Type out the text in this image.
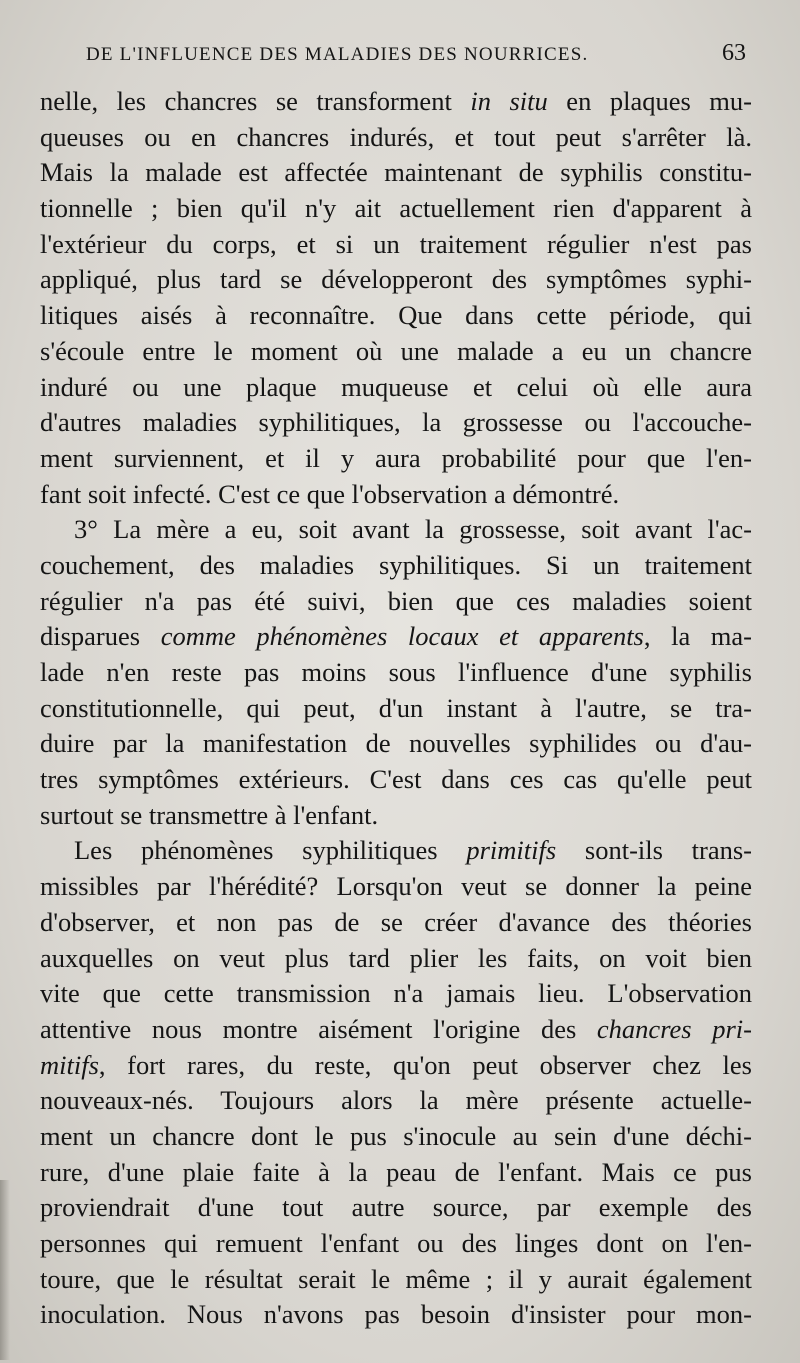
DE L'INFLUENCE DES MALADIES DES NOURRICES.	63
nelle, les chancres se transforment in situ en plaques mu-
queuses ou en chancres indurés, et tout peut s'arrêter là.
Mais la malade est affectée maintenant de syphilis constitu-
tionnelle ; bien qu'il n'y ait actuellement rien d'apparent à
l'extérieur du corps, et si un traitement régulier n'est pas
appliqué, plus tard se développeront des symptômes syphi-
litiques aisés à reconnaître. Que dans cette période, qui
s'écoule entre le moment où une malade a eu un chancre
induré ou une plaque muqueuse et celui où elle aura
d'autres maladies syphilitiques, la grossesse ou l'accouche-
ment surviennent, et il y aura probabilité pour que l'en-
fant soit infecté. C'est ce que l'observation a démontré.
3° La mère a eu, soit avant la grossesse, soit avant l'ac-
couchement, des maladies syphilitiques. Si un traitement
régulier n'a pas été suivi, bien que ces maladies soient
disparues comme phénomènes locaux et apparents, la ma-
lade n'en reste pas moins sous l'influence d'une syphilis
constitutionnelle, qui peut, d'un instant à l'autre, se tra-
duire par la manifestation de nouvelles syphilides ou d'au-
tres symptômes extérieurs. C'est dans ces cas qu'elle peut
surtout se transmettre à l'enfant.
Les phénomènes syphilitiques primitifs sont-ils trans-
missibles par l'hérédité? Lorsqu'on veut se donner la peine
d'observer, et non pas de se créer d'avance des théories
auxquelles on veut plus tard plier les faits, on voit bien
vite que cette transmission n'a jamais lieu. L'observation
attentive nous montre aisément l'origine des chancres pri-
mitifs, fort rares, du reste, qu'on peut observer chez les
nouveaux-nés. Toujours alors la mère présente actuelle-
ment un chancre dont le pus s'inocule au sein d'une déchi-
rure, d'une plaie faite à la peau de l'enfant. Mais ce pus
proviendrait d'une tout autre source, par exemple des
personnes qui remuent l'enfant ou des linges dont on l'en-
toure, que le résultat serait le même ; il y aurait également
inoculation. Nous n'avons pas besoin d'insister pour mon-
